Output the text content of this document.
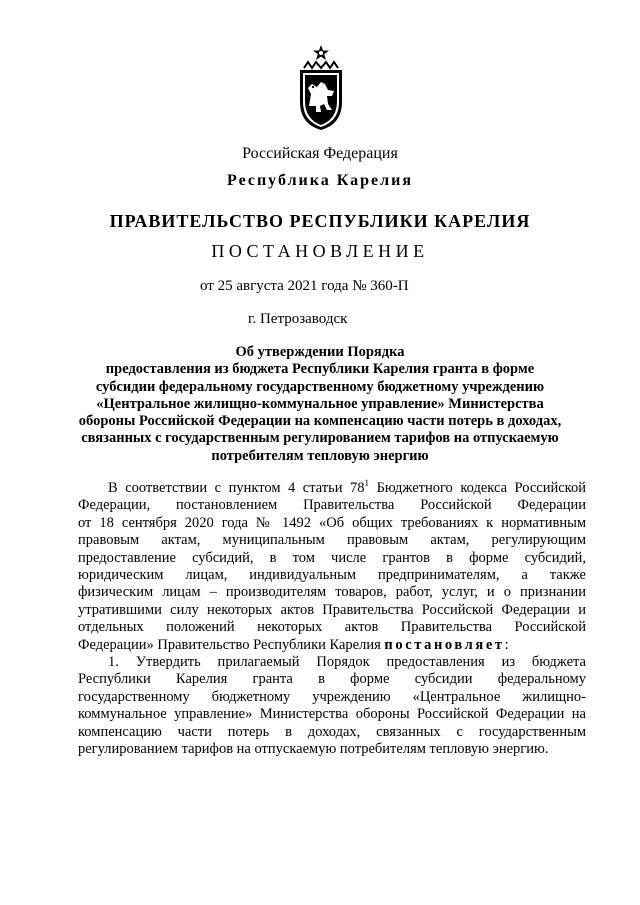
Российская Федерация
Республика Карелия
ПРАВИТЕЛЬСТВО РЕСПУБЛИКИ КАРЕЛИЯ
ПОСТАНОВЛЕНИЕ
от 25 августа 2021 года № 360-П
г. Петрозаводск
Об утверждении Порядка
предоставления из бюджета Республики Карелия гранта в форме
субсидии федеральному государственному бюджетному учреждению
«Центральное жилищно-коммунальное управление» Министерства
обороны Российской Федерации на компенсацию части потерь в доходах,
связанных с государственным регулированием тарифов на отпускаемую
потребителям тепловую энергию
В соответствии с пунктом 4 статьи $78^1$ Бюджетного кодекса Российской
Федерации, постановлением Правительства Российской Федерации
от 18 сентября 2020 года № 1492 «Об общих требованиях к нормативным
правовым актам, муниципальным правовым актам, регулирующим
предоставление субсидий, в том числе грантов в форме субсидий,
юридическим лицам, индивидуальным предпринимателям, а также
физическим лицам – производителям товаров, работ, услуг, и о признании
утратившими силу некоторых актов Правительства Российской Федерации и
отдельных положений некоторых актов Правительства Российской
Федерации» Правительство Республики Карелия постановляет:
1. Утвердить прилагаемый Порядок предоставления из бюджета
Республики Карелия гранта в форме субсидии федеральному
государственному бюджетному учреждению «Центральное жилищно-
коммунальное управление» Министерства обороны Российской Федерации на
компенсацию части потерь в доходах, связанных с государственным
регулированием тарифов на отпускаемую потребителям тепловую энергию.
